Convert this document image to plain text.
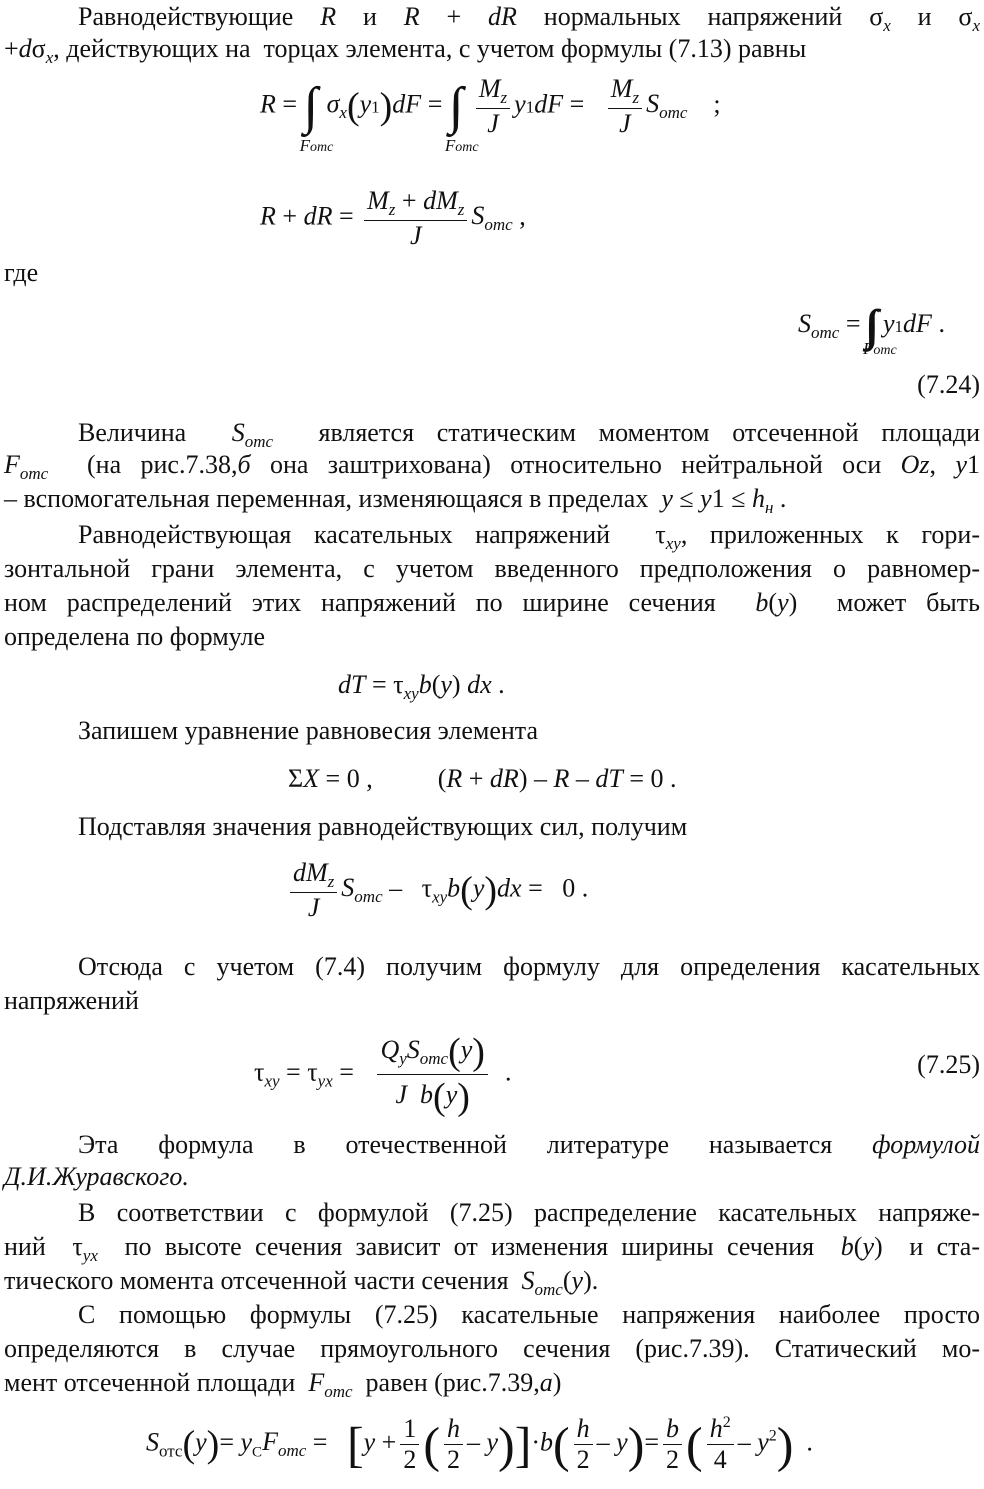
Равнодействующие R и R + dR нормальных напряжений $\sigma_x$ и $\sigma_x$
$+d\sigma_x$, действующих на  торцах элемента, с учетом формулы (7.13) равны
R = ∫∫
Fomc
$\sigma_x(y1)dF$ = ∫∫
Fomc

$\frac{M_z}{J} y1dF = \frac{M_z}{J} S_{omc}$    ;
R + dR = $\frac{M_z + dM_z}{J} S_{omc}$ ,
где
$S_{omc}$ =
Fomc
y1dF .
(7.24)
Величина  $S_{omc}$  является статическим моментом отсеченной площади
$F_{omc}$  (на рис.7.38,б она заштрихована) относительно нейтральной оси Oz, y1
– вспомогательная переменная, изменяющаяся в пределах  $y \le y1 \le h_н$ .
Равнодействующая касательных напряжений  $\tau_{xy}$, приложенных к гори-
зонтальной грани элемента, с учетом введенного предположения о равномер-
ном распределений этих напряжений по ширине сечения  b(y)  может быть
определена по формуле
dT = $\tau_{xy}b(y)$ dx .
Запишем уравнение равновесия элемента
ΣX = 0 ,          (R + dR) – R – dT = 0 .
Подставляя значения равнодействующих сил, получим
$\frac{dM_z}{J} S_{omc} - \tau_{xy}b(y)dx = 0$ .
Отсюда с учетом (7.4) получим формулу для определения касательных
напряжений
$\tau_{xy} = \tau_{yx} = \frac{Q_yS_{omc}(y)}{\text{J b(y)}}$ .	(7.25)
Эта формула в отечественной литературе называется формулой
Д.И.Журавского.
В соответствии с формулой (7.25) распределение касательных напряже-
ний  $\tau_{yx}$  по высоте сечения зависит от изменения ширины сечения  b(y)  и ста-
тического момента отсеченной части сечения  $S_{omc}(y)$.
С помощью формулы (7.25) касательные напряжения наиболее просто
определяются в случае прямоугольного сечения (рис.7.39). Статический мо-
мент отсеченной площади  $F_{omc}$  равен (рис.7.39,а)
$S_{отс}(y)= y_CF_{omc} = [y + \frac{1}{2}$ ( $\frac{h}{2} - y)]\cdot b( \frac{h}{2} - y)= \frac{b}{2}$ ( $\frac{h^2}{4} - y^2$)  .
